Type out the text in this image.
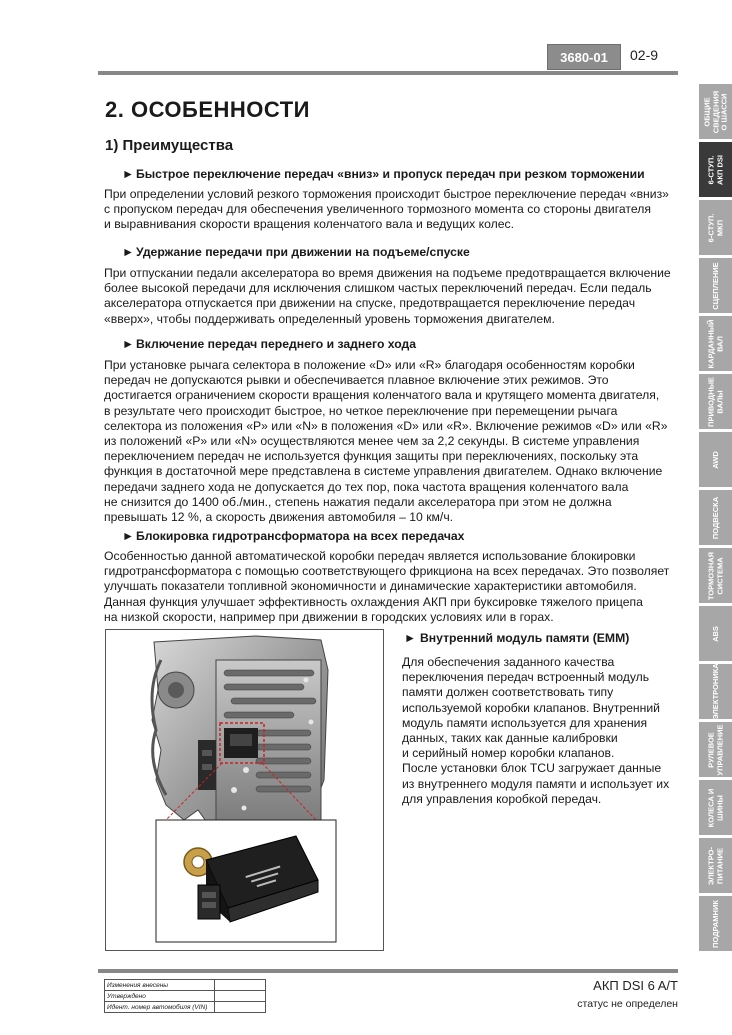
3680-01	02-9
ОБЩИЕ
СВЕДЕНИЯ
О ШАССИ
6-СТУП.
АКП DSI
6-СТУП.
МКП
СЦЕПЛЕНИЕ
КАРДАННЫЙ
ВАЛ
ПРИВОДНЫЕ
ВАЛЫ
AWD
ПОДВЕСКА
ТОРМОЗНАЯ
СИСТЕМА
ABS
ЭЛЕКТРОНИКА
РУЛЕВОЕ
УПРАВЛЕНИЕ
КОЛЕСА И
ШИНЫ
ЭЛЕКТРО-
ПИТАНИЕ
ПОДРАМНИК
2. ОСОБЕННОСТИ
1) Преимущества
► Быстрое переключение передач «вниз» и пропуск передач при резком торможении
При определении условий резкого торможения происходит быстрое переключение передач «вниз»
с пропуском передач для обеспечения увеличенного тормозного момента со стороны двигателя
и выравнивания скорости вращения коленчатого вала и ведущих колес.
► Удержание передачи при движении на подъеме/спуске
При отпускании педали акселератора во время движения на подъеме предотвращается включение
более высокой передачи для исключения слишком частых переключений передач. Если педаль
акселератора отпускается при движении на спуске, предотвращается переключение передач
«вверх», чтобы поддерживать определенный уровень торможения двигателем.
► Включение передач переднего и заднего хода
При установке рычага селектора в положение «D» или «R» благодаря особенностям коробки
передач не допускаются рывки и обеспечивается плавное включение этих режимов. Это
достигается ограничением скорости вращения коленчатого вала и крутящего момента двигателя,
в результате чего происходит быстрое, но четкое переключение при перемещении рычага
селектора из положения «P» или «N» в положения «D» или «R». Включение режимов «D» или «R»
из положений «P» или «N» осуществляются менее чем за 2,2 секунды. В системе управления
переключением передач не используется функция защиты при переключениях, поскольку эта
функция в достаточной мере представлена в системе управления двигателем. Однако включение
передачи заднего хода не допускается до тех пор, пока частота вращения коленчатого вала
не снизится до 1400 об./мин., степень нажатия педали акселератора при этом не должна
превышать 12 %, а скорость движения автомобиля – 10 км/ч.
► Блокировка гидротрансформатора на всех передачах
Особенностью данной автоматической коробки передач является использование блокировки
гидротрансформатора с помощью соответствующего фрикциона на всех передачах. Это позволяет
улучшать показатели топливной экономичности и динамические характеристики автомобиля.
Данная функция улучшает эффективность охлаждения АКП при буксировке тяжелого прицепа
на низкой скорости, например при движении в городских условиях или в горах.
► Внутренний модуль памяти (EMM)
Для обеспечения заданного качества
переключения передач встроенный модуль
памяти должен соответствовать типу
используемой коробки клапанов. Внутренний
модуль памяти используется для хранения
данных, таких как данные калибровки
и серийный номер коробки клапанов.
После установки блок TCU загружает данные
из внутреннего модуля памяти и использует их
для управления коробкой передач.
Изменения внесены	
Утверждено	
Идент. номер автомобиля (VIN)	
АКП DSI 6 A/T
статус не определен
